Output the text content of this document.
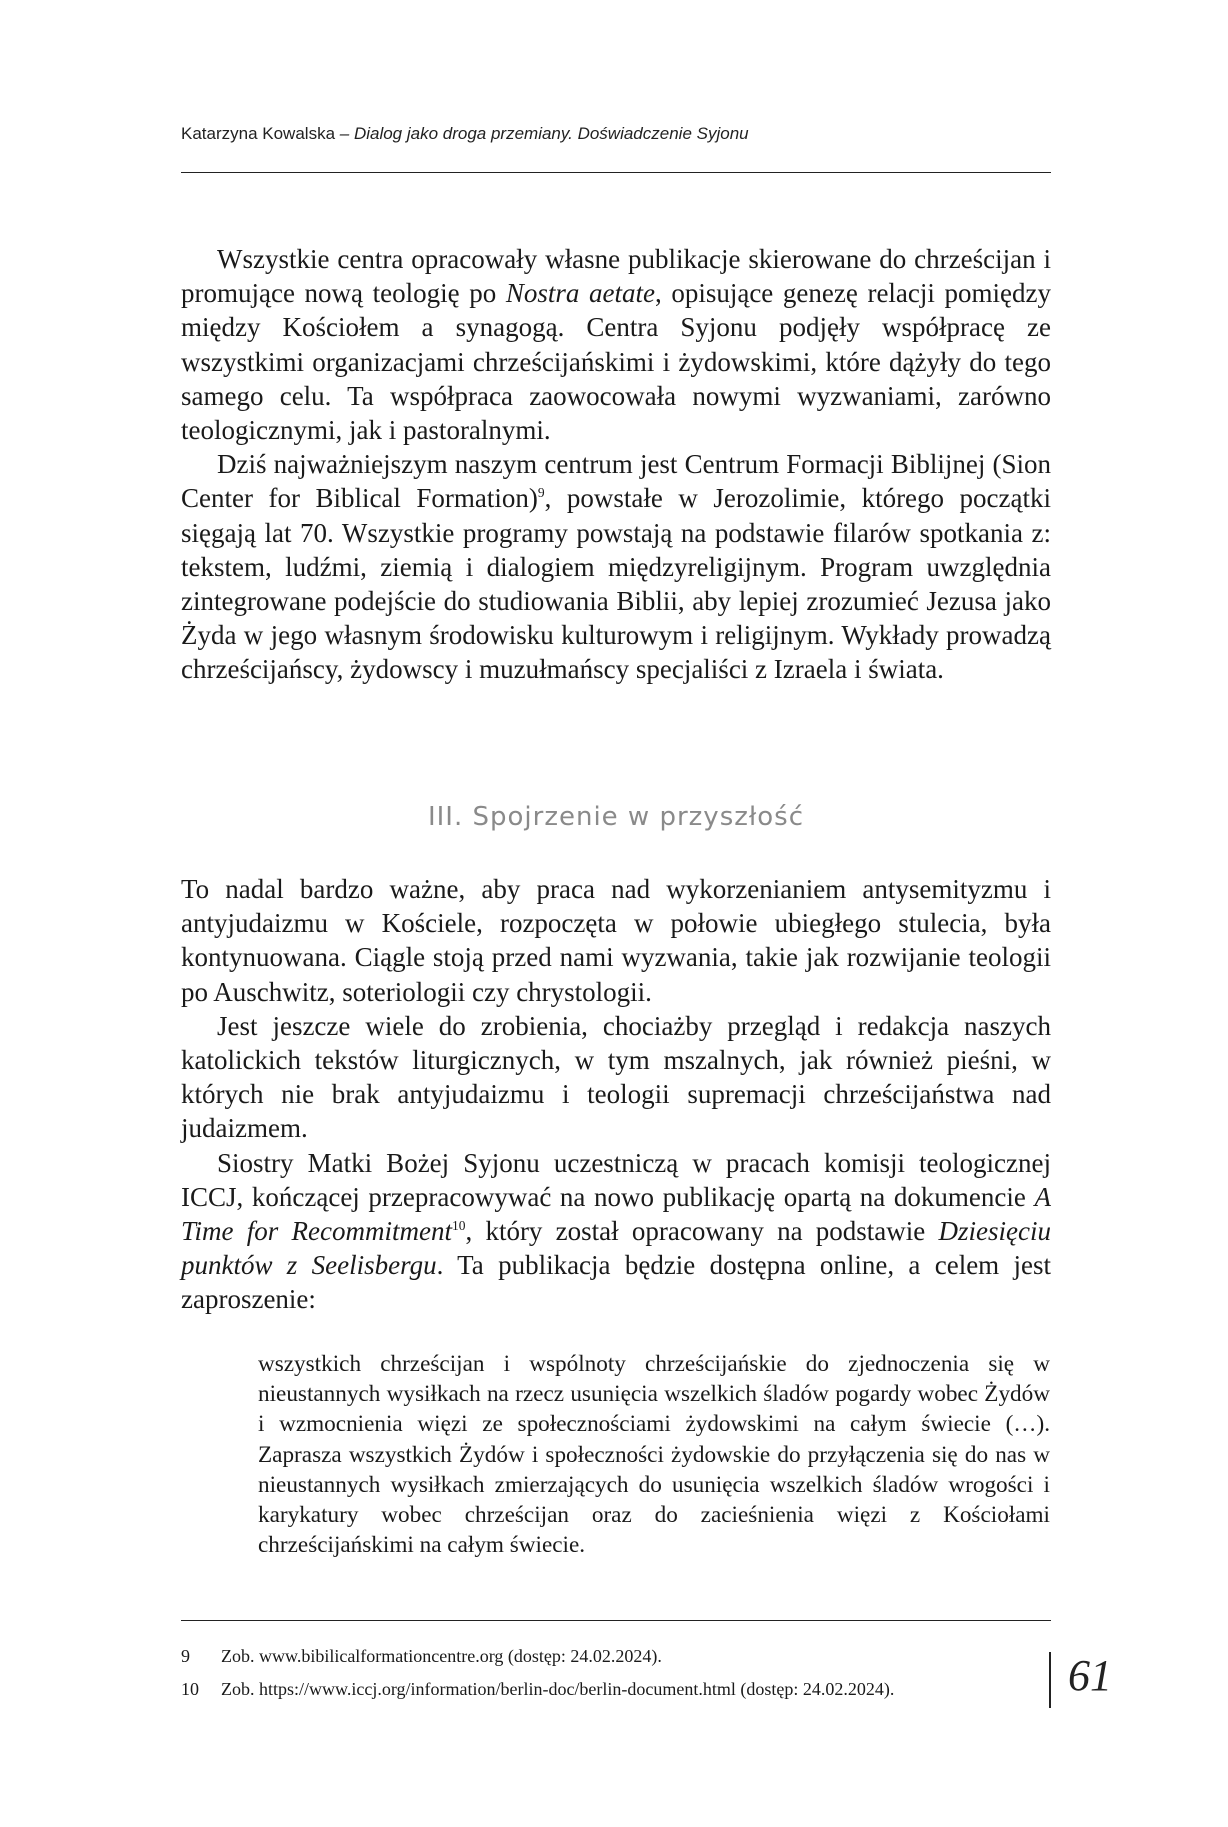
Katarzyna Kowalska – Dialog jako droga przemiany. Doświadczenie Syjonu

Wszystkie centra opracowały własne publikacje skierowane do chrześcijan i promujące nową teologię po Nostra aetate, opisujące genezę relacji pomiędzy między Kościołem a synagogą. Centra Syjonu podjęły współpracę ze wszystkimi organizacjami chrześcijańskimi i żydowskimi, które dążyły do tego samego celu. Ta współpraca zaowocowała nowymi wyzwaniami, zarówno teologicznymi, jak i pastoralnymi.

Dziś najważniejszym naszym centrum jest Centrum Formacji Biblijnej (Sion Center for Biblical Formation)$^9$, powstałe w Jerozolimie, którego początki sięgają lat 70. Wszystkie programy powstają na podstawie filarów spotkania z: tekstem, ludźmi, ziemią i dialogiem międzyreligijnym. Program uwzględnia zintegrowane podejście do studiowania Biblii, aby lepiej zrozumieć Jezusa jako Żyda w jego własnym środowisku kulturowym i religijnym. Wykłady prowadzą chrześcijańscy, żydowscy i muzułmańscy specjaliści z Izraela i świata.

III. Spojrzenie w przyszłość

To nadal bardzo ważne, aby praca nad wykorzenianiem antysemityzmu i antyjudaizmu w Kościele, rozpoczęta w połowie ubiegłego stulecia, była kontynuowana. Ciągle stoją przed nami wyzwania, takie jak rozwijanie teologii po Auschwitz, soteriologii czy chrystologii.

Jest jeszcze wiele do zrobienia, chociażby przegląd i redakcja naszych katolickich tekstów liturgicznych, w tym mszalnych, jak również pieśni, w których nie brak antyjudaizmu i teologii supremacji chrześcijaństwa nad judaizmem.

Siostry Matki Bożej Syjonu uczestniczą w pracach komisji teologicznej ICCJ, kończącej przepracowywać na nowo publikację opartą na dokumencie A Time for Recommitment$^{10}$, który został opracowany na podstawie Dziesięciu punktów z Seelisbergu. Ta publikacja będzie dostępna online, a celem jest zaproszenie:

wszystkich chrześcijan i wspólnoty chrześcijańskie do zjednoczenia się w nieustannych wysiłkach na rzecz usunięcia wszelkich śladów pogardy wobec Żydów i wzmocnienia więzi ze społecznościami żydowskimi na całym świecie (…). Zaprasza wszystkich Żydów i społeczności żydowskie do przyłączenia się do nas w nieustannych wysiłkach zmierzających do usunięcia wszelkich śladów wrogości i karykatury wobec chrześcijan oraz do zacieśnienia więzi z Kościołami chrześcijańskimi na całym świecie.

9	Zob. www.bibilicalformationcentre.org (dostęp: 24.02.2024).
10	Zob. https://www.iccj.org/information/berlin-doc/berlin-document.html (dostęp: 24.02.2024).	61
